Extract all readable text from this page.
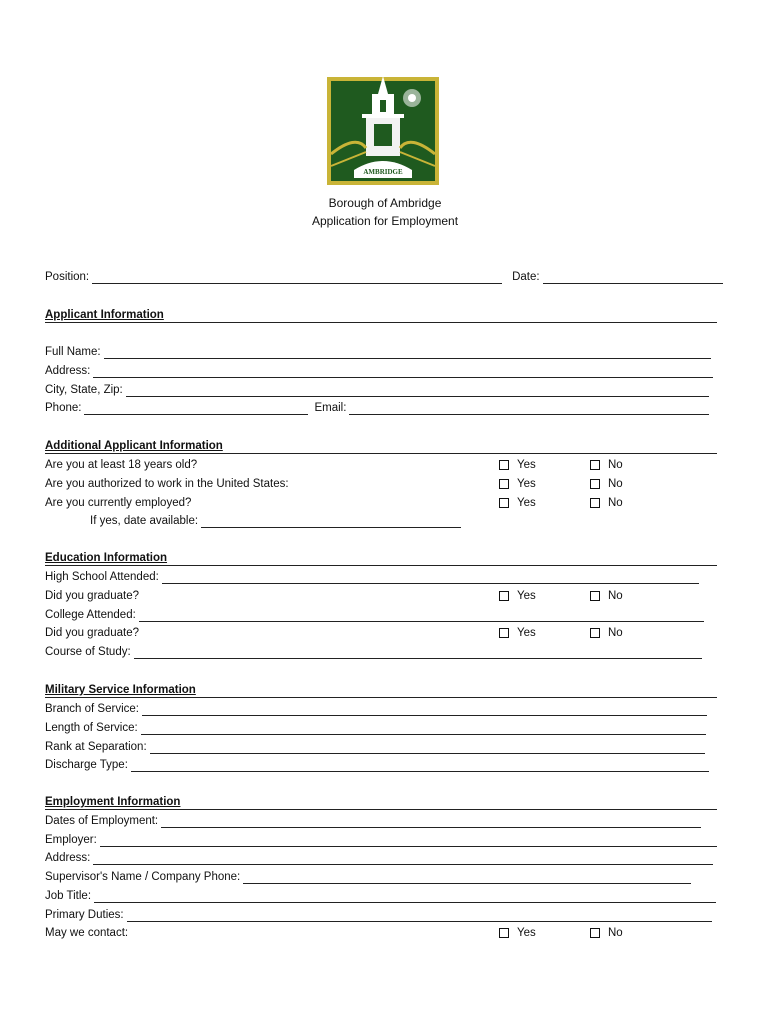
AMBRIDGE
Borough of Ambridge
Application for Employment
Position:	Date:
Applicant Information
Full Name:
Address:
City, State, Zip:
Phone:	Email:
Additional Applicant Information
Are you at least 18 years old?	Yes	No
Are you authorized to work in the United States:	Yes	No
Are you currently employed?	Yes	No
If yes, date available:
Education Information
High School Attended:
Did you graduate?	Yes	No
College Attended:
Did you graduate?	Yes	No
Course of Study:
Military Service Information
Branch of Service:
Length of Service:
Rank at Separation:
Discharge Type:
Employment Information
Dates of Employment:
Employer:
Address:
Supervisor's Name / Company Phone:
Job Title:
Primary Duties:
May we contact:	Yes	No
